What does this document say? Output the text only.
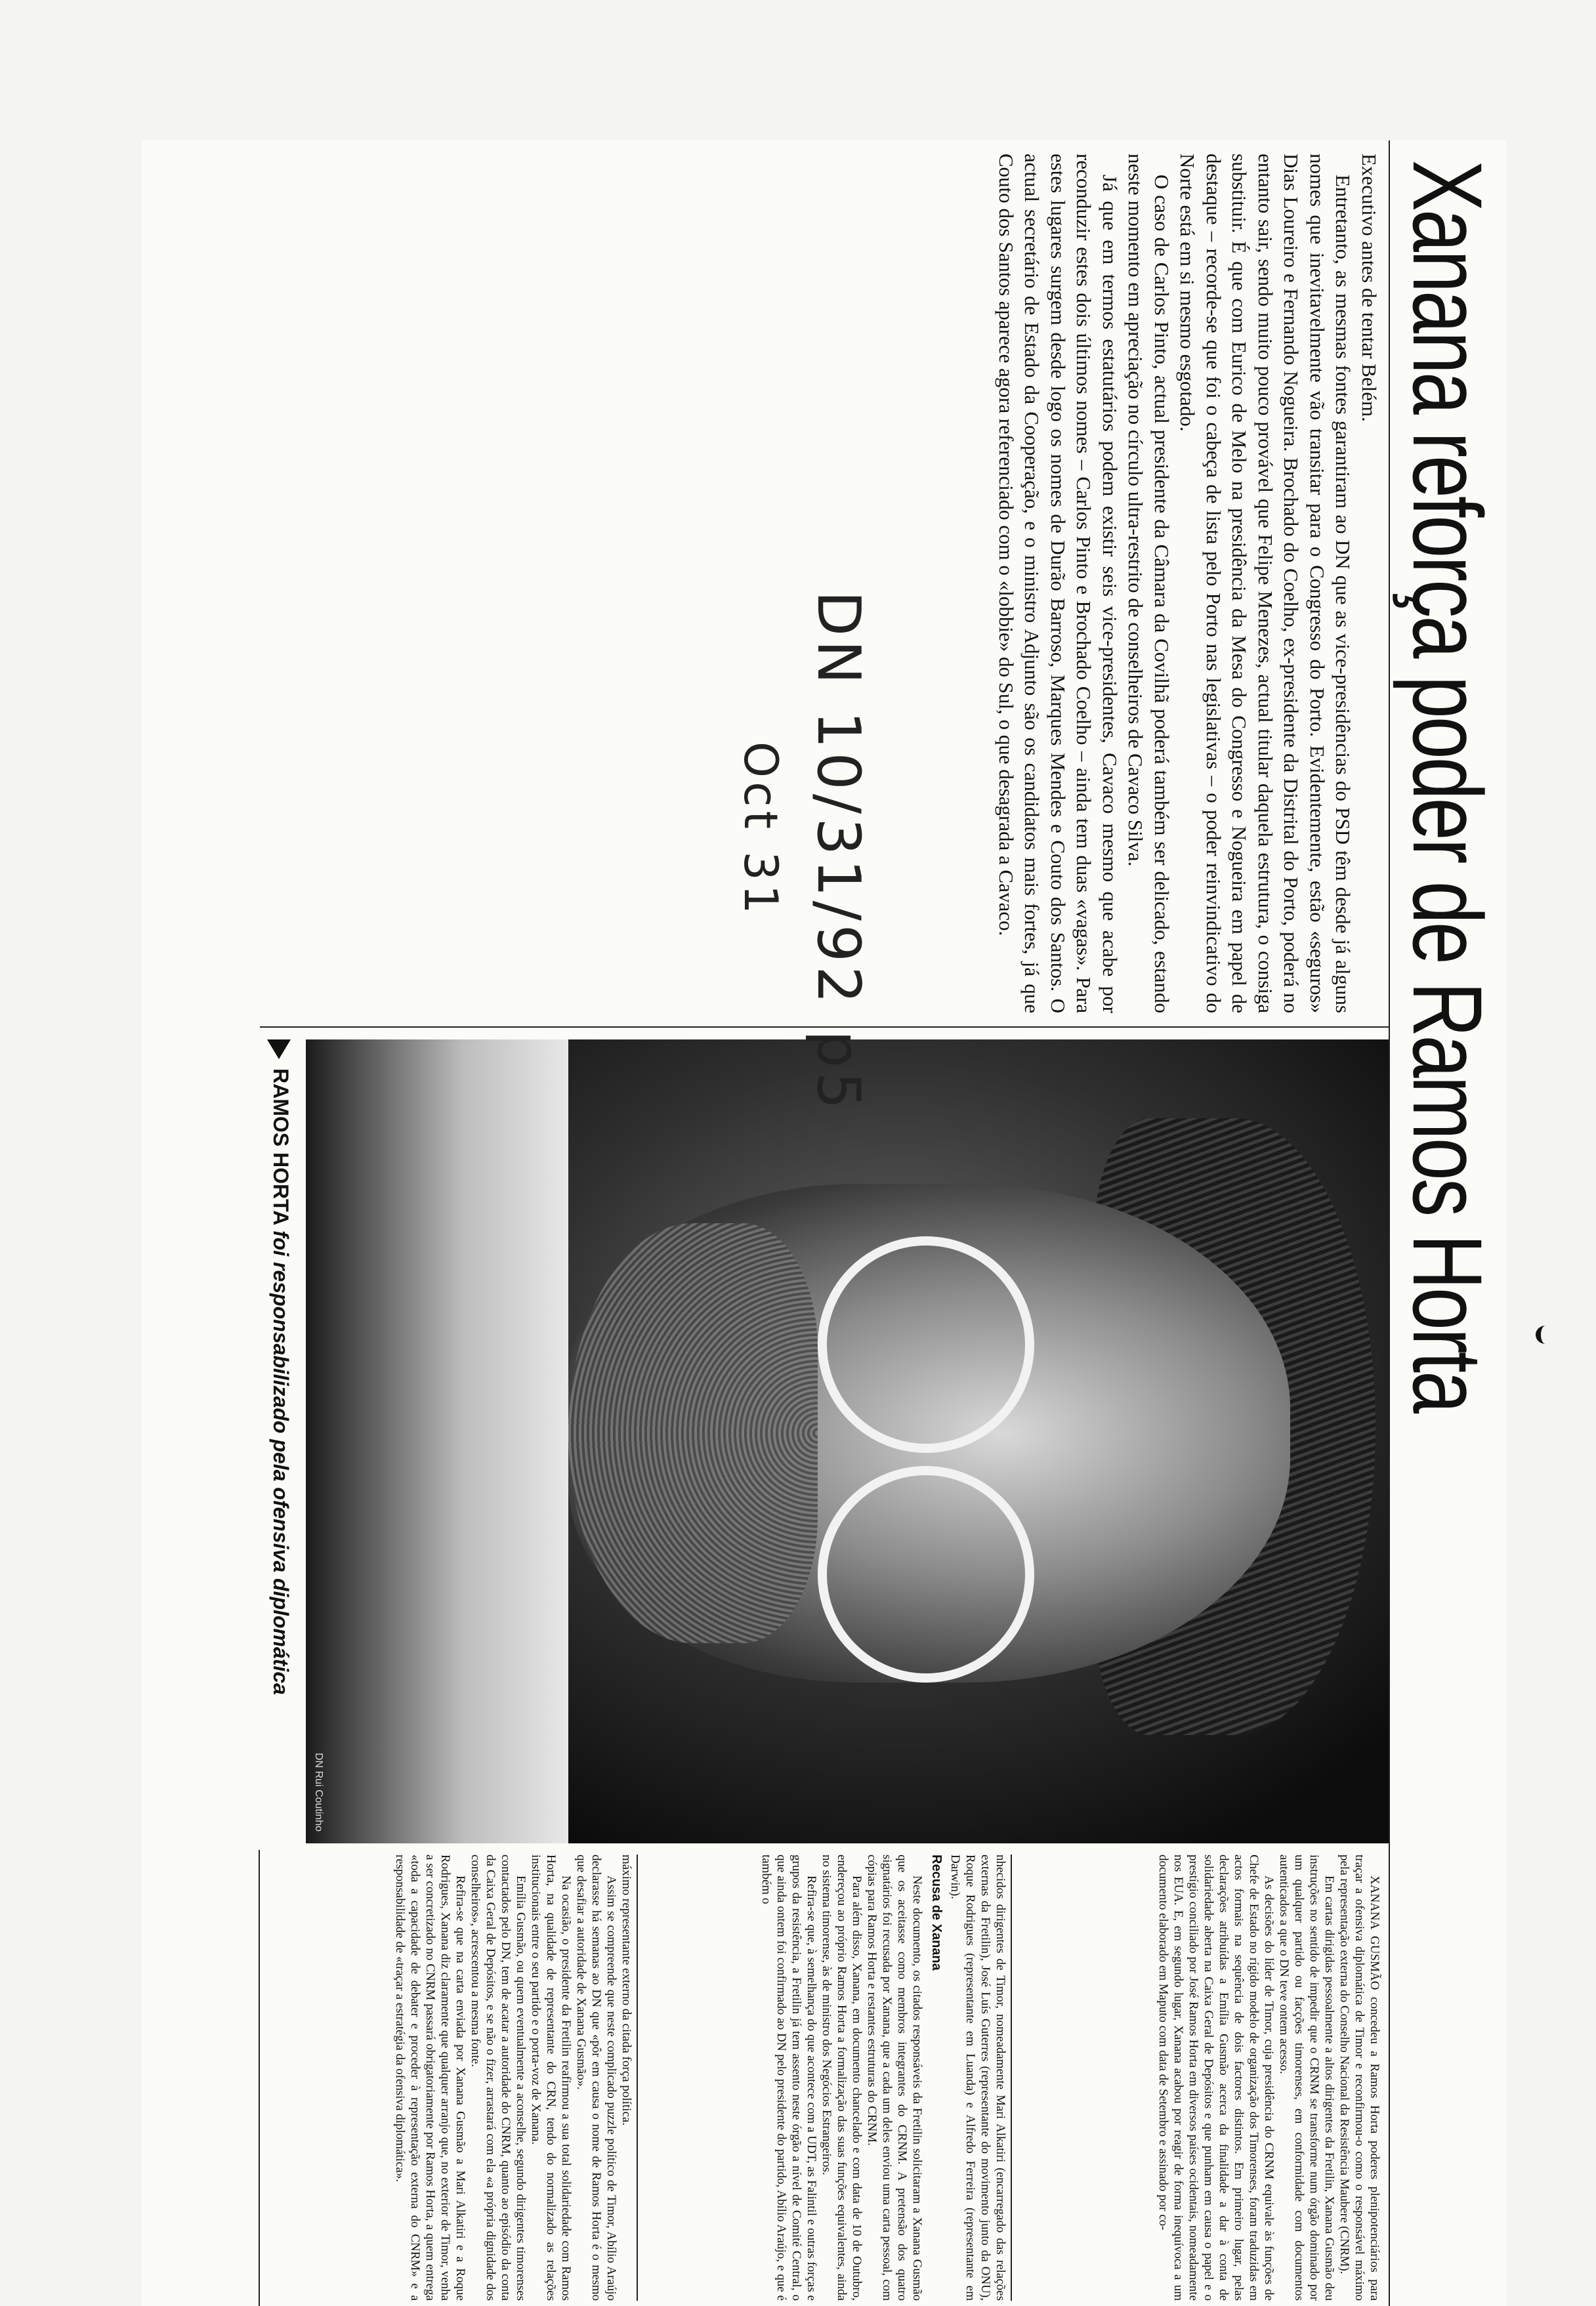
Xanana reforça poder de Ramos Horta

Executivo antes de tentar Belém.

Entretanto, as mesmas fontes garantiram ao DN que as vice-presidências do PSD têm desde já alguns nomes que inevitavelmente vão transitar para o Congresso do Porto. Evidentemente, estão «seguros» Dias Loureiro e Fernando Nogueira. Brochado do Coelho, ex-presidente da Distrital do Porto, poderá no entanto sair, sendo muito pouco provável que Felipe Menezes, actual titular daquela estrutura, o consiga substituir. É que com Eurico de Melo na presidência da Mesa do Congresso e Nogueira em papel de destaque – recorde-se que foi o cabeça de lista pelo Porto nas legislativas – o poder reinvindicativo do Norte está em si mesmo esgotado.

O caso de Carlos Pinto, actual presidente da Câmara da Covilhã poderá também ser delicado, estando neste momento em apreciação no círculo ultra-restrito de conselheiros de Cavaco Silva.

Já que em termos estatutários podem existir seis vice-presidentes, Cavaco mesmo que acabe por reconduzir estes dois últimos nomes – Carlos Pinto e Brochado Coelho – ainda tem duas «vagas». Para estes lugares surgem desde logo os nomes de Durão Barroso, Marques Mendes e Couto dos Santos. O actual secretário de Estado da Cooperação, e o ministro Adjunto são os candidatos mais fortes, já que Couto dos Santos aparece agora referenciado com o «lobbie» do Sul, o que desagrada a Cavaco.

DN Rui Coutinho
RAMOS HORTA foi responsabilizado pela ofensiva diplomática

XANANA GUSMÃO concedeu a Ramos Horta poderes plenipotenciários para traçar a ofensiva diplomática de Timor e reconfirmou-o como o responsável máximo pela representação externa do Conselho Nacional da Resistência Maubere (CNRM).

Em cartas dirigidas pessoalmente a altos dirigentes da Fretilin, Xanana Gusmão deu instruções no sentido de impedir que o CRNM se transforme num órgão dominado por um qualquer partido ou facções timorenses, em conformidade com documentos autenticados a que o DN teve ontem acesso.

As decisões do líder de Timor, cuja presidência do CRNM equivale às funções de Chefe de Estado no rígido modelo de organização dos Timorenses, foram traduzidas em actos formais na sequência de dois factores distintos. Em primeiro lugar, pelas declarações atribuídas a Emília Gusmão acerca da finalidade a dar à conta de solidariedade aberta na Caixa Geral de Depósitos e que punham em causa o papel e o prestígio conciliado por José Ramos Horta em diversos países ocidentais, nomeadamente nos EUA. E, em segundo lugar, Xanana acabou por reagir de forma inequívoca a um documento elaborado em Maputo com data de Setembro e assinado por co-

nhecidos dirigentes de Timor, nomeadamente Mari Alkatiri (encarregado das relações externas da Fretilin), José Luís Guterres (representante do movimento junto da ONU), Roque Rodrigues (representante em Luanda) e Alfredo Ferreira (representante em Darwin).

Recusa de Xanana

Neste documento, os citados responsáveis da Fretilin solicitaram a Xanana Gusmão que os aceitasse como membros integrantes do CRNM. A pretensão dos quatro signatários foi recusada por Xanana, que a cada um deles enviou uma carta pessoal, com cópias para Ramos Horta e restantes estruturas do CRNM.

Para além disso, Xanana, em documento chancelado e com data de 10 de Outubro, endereçou ao próprio Ramos Horta a formalização das suas funções equivalentes, ainda no sistema timorense, às de ministro dos Negócios Estrangeiros.

Refira-se que, à semelhança do que acontece com a UDT, as Falintil e outras forças e grupos da resistência, a Fretilin já tem assento neste órgão a nível de Comité Central, o que ainda ontem foi confirmado ao DN pelo presidente do partido, Abílio Araújo, e que é também o

máximo representante externo da citada força política.

Assim se compreende que neste complicado puzzle político de Timor, Abílio Araújo declarasse há semanas ao DN que «pôr em causa o nome de Ramos Horta é o mesmo que desafiar a autoridade de Xanana Gusmão».

Na ocasião, o presidente da Fretilin reafirmou a sua total solidariedade com Ramos Horta, na qualidade de representante do CRN, tendo do normalizado as relações institucionais entre o seu partido e o porta-voz de Xanana.

Emília Gusmão, ou quem eventualmente a aconselhe, segundo dirigentes timorenses contactados pelo DN, tem de acatar a autoridade do CNRM, quanto ao episódio da conta da Caixa Geral de Depósitos, e se não o fizer, arrastará com ela «a própria dignidade dos conselheiros», acrescentou a mesma fonte.

Refira-se que na carta enviada por Xanana Gusmão a Mari Alkatiri e a Roque Rodrigues, Xanana diz claramente que qualquer arranjo que, no exterior de Timor, venha a ser concretizado no CNRM passará obrigatoriamente por Ramos Horta, a quem entrega «toda a capacidade de debater e proceder à representação externa do CNRM» e a responsabilidade de «traçar a estratégia da ofensiva diplomática».

DN 10/31/92 p5
Oct 31
